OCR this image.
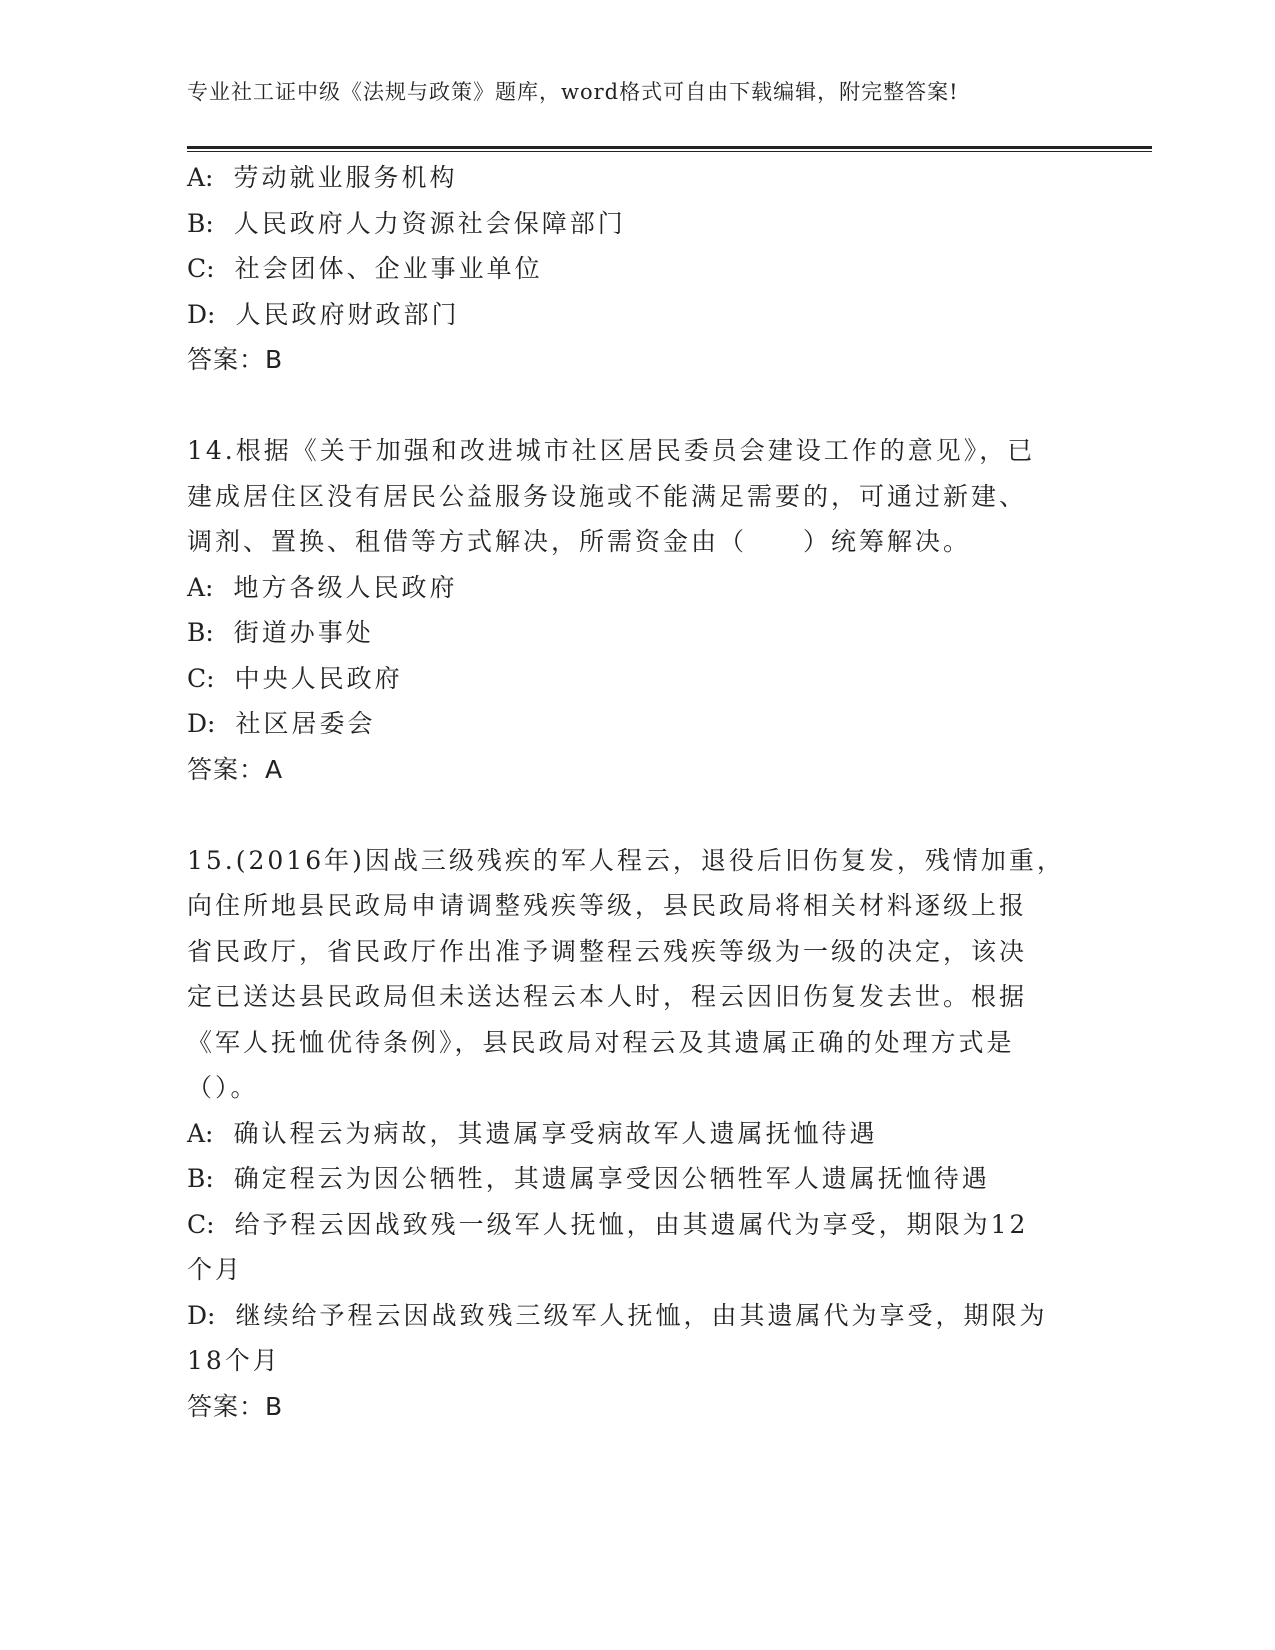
专业社工证中级《法规与政策》题库，word格式可自由下载编辑，附完整答案!
A: 劳动就业服务机构
B: 人民政府人力资源社会保障部门
C: 社会团体、企业事业单位
D: 人民政府财政部门
答案：B
14.根据《关于加强和改进城市社区居民委员会建设工作的意见》，已
建成居住区没有居民公益服务设施或不能满足需要的，可通过新建、
调剂、置换、租借等方式解决，所需资金由（　　）统筹解决。
A: 地方各级人民政府
B: 街道办事处
C: 中央人民政府
D: 社区居委会
答案：A
15.(2016年)因战三级残疾的军人程云，退役后旧伤复发，残情加重，
向住所地县民政局申请调整残疾等级，县民政局将相关材料逐级上报
省民政厅，省民政厅作出准予调整程云残疾等级为一级的决定，该决
定已送达县民政局但未送达程云本人时，程云因旧伤复发去世。根据
《军人抚恤优待条例》，县民政局对程云及其遗属正确的处理方式是
（）。
A: 确认程云为病故，其遗属享受病故军人遗属抚恤待遇
B: 确定程云为因公牺牲，其遗属享受因公牺牲军人遗属抚恤待遇
C: 给予程云因战致残一级军人抚恤，由其遗属代为享受，期限为12
个月
D: 继续给予程云因战致残三级军人抚恤，由其遗属代为享受，期限为
18个月
答案：B
